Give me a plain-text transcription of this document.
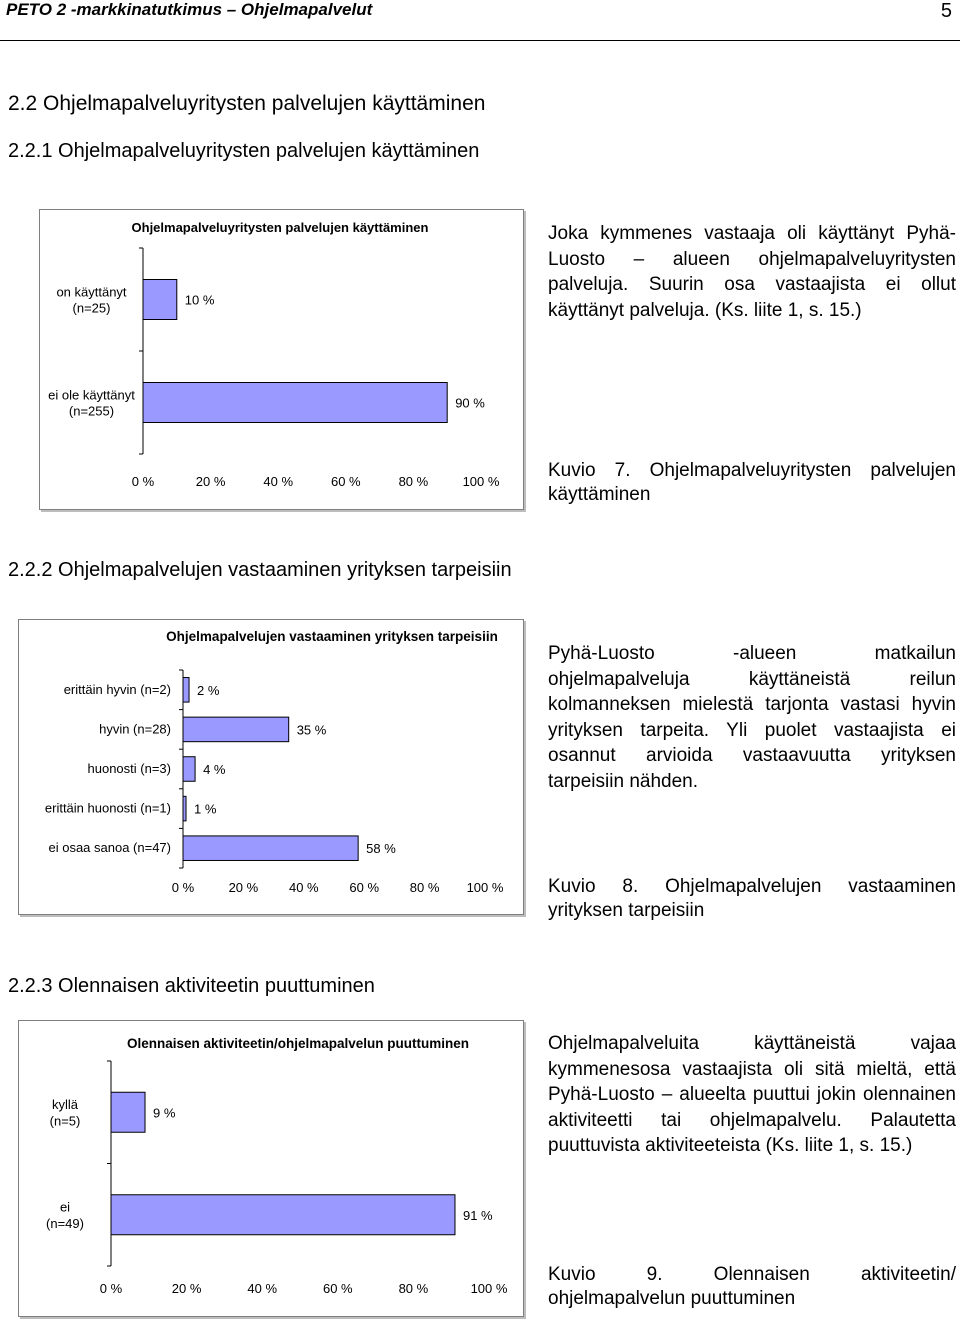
PETO 2 -markkinatutkimus – Ohjelmapalvelut	5
2.2 Ohjelmapalveluyritysten palvelujen käyttäminen
2.2.1 Ohjelmapalveluyritysten palvelujen käyttäminen
Ohjelmapalveluyritysten palvelujen käyttäminen
on käyttänyt (n=25)
10 %
ei ole käyttänyt (n=255)
90 %
0 %	20 %	40 %	60 %	80 %	100 %
Joka kymmenes vastaaja oli käyttänyt Pyhä-Luosto – alueen ohjelmapalveluyritysten palveluja. Suurin osa vastaajista ei ollut käyttänyt palveluja. (Ks. liite 1, s. 15.)
Kuvio 7. Ohjelmapalveluyritysten palvelujen käyttäminen
2.2.2 Ohjelmapalvelujen vastaaminen yrityksen tarpeisiin
Ohjelmapalvelujen vastaaminen yrityksen tarpeisiin
erittäin hyvin (n=2) 2 %
hyvin (n=28)	35 %
huonosti (n=3) 4 %
erittäin huonosti (n=1) 1 %
ei osaa sanoa (n=47)	58 %
0 %	20 % 40 % 60 % 80 % 100 %
Pyhä-Luosto -alueen matkailun ohjelmapalveluja käyttäneistä reilun kolmanneksen mielestä tarjonta vastasi hyvin yrityksen tarpeita. Yli puolet vastaajista ei osannut arvioida vastaavuutta yrityksen tarpeisiin nähden.
Kuvio 8. Ohjelmapalvelujen vastaaminen yrityksen tarpeisiin
2.2.3 Olennaisen aktiviteetin puuttuminen
Olennaisen aktiviteetin/ohjelmapalvelun puuttuminen
kyllä (n=5)
9 %
ei (n=49)
91 %
0 %	20 %	40 %	60 %	80 %	100 %
Ohjelmapalveluita käyttäneistä vajaa kymmenesosa vastaajista oli sitä mieltä, että Pyhä-Luosto – alueelta puuttui jokin olennainen aktiviteetti tai ohjelmapalvelu. Palautetta puuttuvista aktiviteeteista (Ks. liite 1, s. 15.)
Kuvio 9. Olennaisen aktiviteetin/ ohjelmapalvelun puuttuminen
